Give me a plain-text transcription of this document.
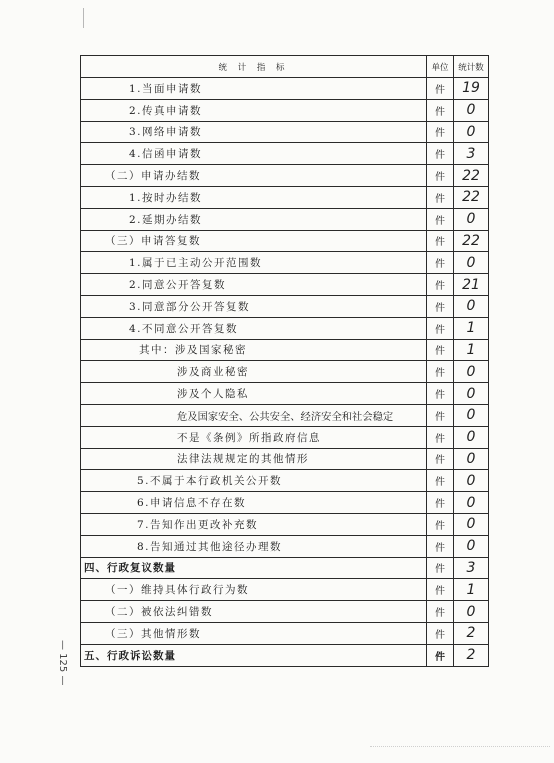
统 计 指 标	单位	统计数
1.当面申请数	件	19
2.传真申请数	件	0
3.网络申请数	件	0
4.信函申请数	件	3
（二）申请办结数	件	22
1.按时办结数	件	22
2.延期办结数	件	0
（三）申请答复数	件	22
1.属于已主动公开范围数	件	0
2.同意公开答复数	件	21
3.同意部分公开答复数	件	0
4.不同意公开答复数	件	1
其中：涉及国家秘密	件	1
涉及商业秘密	件	0
涉及个人隐私	件	0
危及国家安全、公共安全、经济安全和社会稳定	件	0
不是《条例》所指政府信息	件	0
法律法规规定的其他情形	件	0
5.不属于本行政机关公开数	件	0
6.申请信息不存在数	件	0
7.告知作出更改补充数	件	0
8.告知通过其他途径办理数	件	0
四、行政复议数量	件	3
（一）维持具体行政行为数	件	1
（二）被依法纠错数	件	0
（三）其他情形数	件	2
五、行政诉讼数量	件	2
— 125 —
